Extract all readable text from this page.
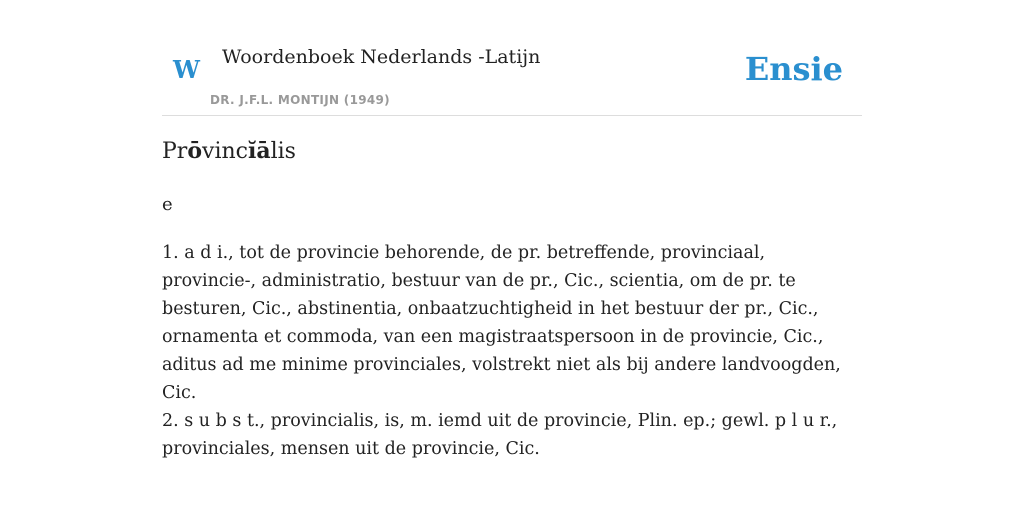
W Woordenboek Nederlands -Latijn
DR. J.F.L. MONTIJN (1949)
Ensie
Prōvincĭālis
e

1. a d i., tot de provincie behorende, de pr. betreffende, provinciaal, provincie-, administratio, bestuur van de pr., Cic., scientia, om de pr. te besturen, Cic., abstinentia, onbaatzuchtigheid in het bestuur der pr., Cic., ornamenta et commoda, van een magistraatspersoon in de provincie, Cic., aditus ad me minime provinciales, volstrekt niet als bij andere landvoogden, Cic.

2. s u b s t., provincialis, is, m. iemd uit de provincie, Plin. ep.; gewl. p l u r., provinciales, mensen uit de provincie, Cic.
